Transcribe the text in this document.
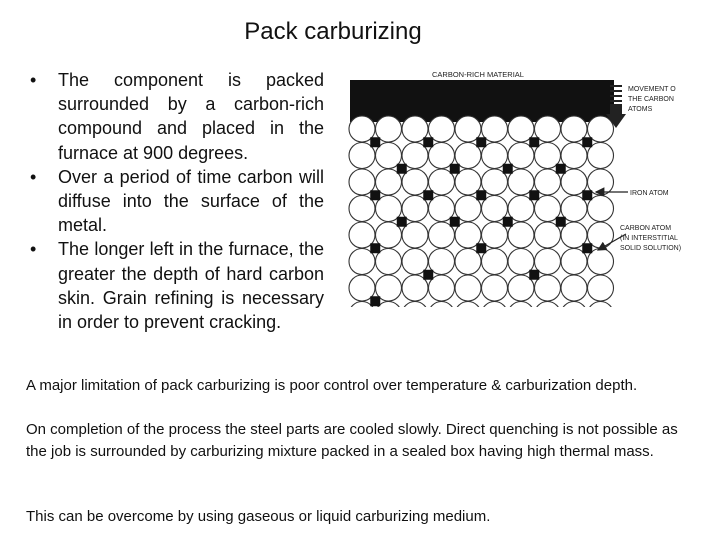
Pack carburizing
• The component is packed surrounded by a carbon-rich compound and placed in the furnace at 900 degrees.
• Over a period of time carbon will diffuse into the surface of the metal.
• The longer left in the furnace, the greater the depth of hard carbon skin. Grain refining is necessary in order to prevent cracking.
CARBON-RICH MATERIAL
MOVEMENT O THE CARBON ATOMS
IRON ATOM
CARBON ATOM (IN INTERSTITIAL SOLID SOLUTION)
A major limitation of pack carburizing is poor control over temperature & carburization depth.
On completion of the process the steel parts are cooled slowly. Direct quenching is not possible as the job is surrounded by carburizing mixture packed in a sealed box having high thermal mass.
This can be overcome by using gaseous or liquid carburizing medium.
